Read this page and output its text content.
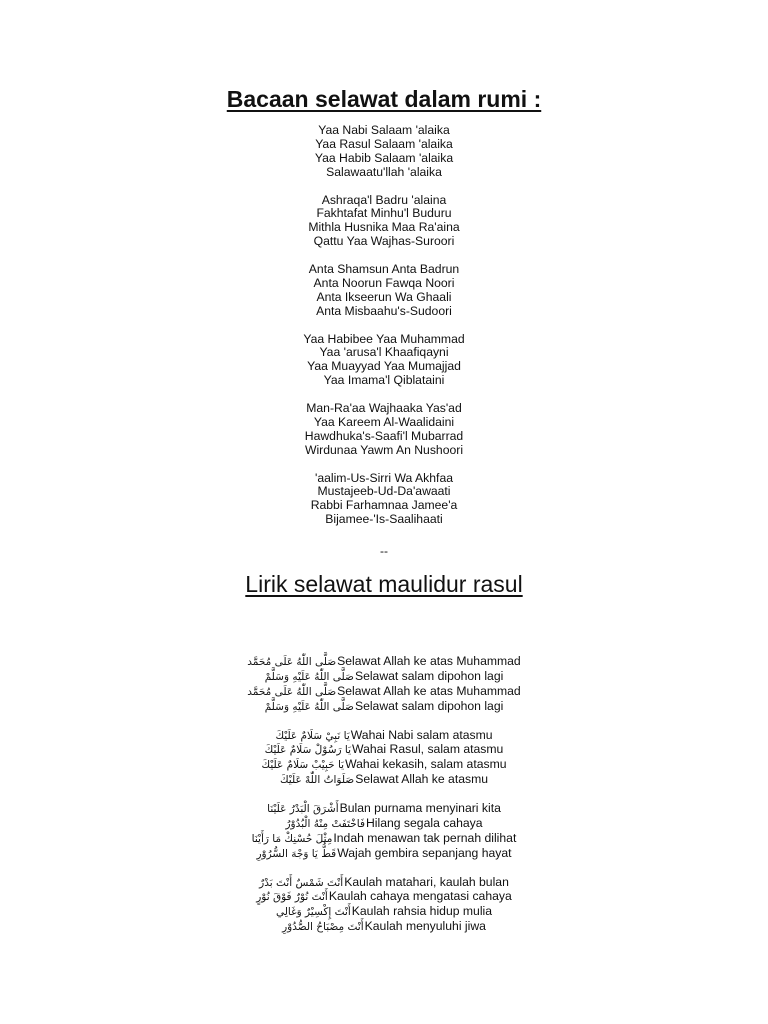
Bacaan selawat dalam rumi :
Yaa Nabi Salaam 'alaika
Yaa Rasul Salaam 'alaika
Yaa Habib Salaam 'alaika
Salawaatu'llah 'alaika
Ashraqa'l Badru 'alaina
Fakhtafat Minhu'l Buduru
Mithla Husnika Maa Ra'aina
Qattu Yaa Wajhas-Suroori
Anta Shamsun Anta Badrun
Anta Noorun Fawqa Noori
Anta Ikseerun Wa Ghaali
Anta Misbaahu's-Sudoori
Yaa Habibee Yaa Muhammad
Yaa 'arusa'l Khaafiqayni
Yaa Muayyad Yaa Mumajjad
Yaa Imama'l Qiblataini
Man-Ra'aa Wajhaaka Yas'ad
Yaa Kareem Al-Waalidaini
Hawdhuka's-Saafi'l Mubarrad
Wirdunaa Yawm An Nushoori
'aalim-Us-Sirri Wa Akhfaa
Mustajeeb-Ud-Da'awaati
Rabbi Farhamnaa Jamee'a
Bijamee-'Is-Saalihaati
--
Lirik selawat maulidur rasul
صَلَّى اللّٰهُ عَلَى مُحَمَّد Selawat Allah ke atas Muhammad
صَلَّى اللّٰهُ عَلَيْهِ وَسَلَّمْ Selawat salam dipohon lagi
صَلَّى اللّٰهُ عَلَى مُحَمَّد Selawat Allah ke atas Muhammad
صَلَّى اللّٰهُ عَلَيْهِ وَسَلَّمْ Selawat salam dipohon lagi
يَا نَبِيْ سَلَامٌ عَلَيْكَ Wahai Nabi salam atasmu
يَا رَسُوْلْ سَلَامٌ عَلَيْكَ Wahai Rasul, salam atasmu
يَا حَبِيْبْ سَلَامٌ عَلَيْكَ Wahai kekasih, salam atasmu
صَلَوَاتُ اللّٰهْ عَلَيْكَ Selawat Allah ke atasmu
أَشْرَقَ الْبَدْرُ عَلَيْنَا Bulan purnama menyinari kita
فَاخْتَفَتْ مِنْهُ الْبُدُوْرُ Hilang segala cahaya
مِثْلَ حُسْنِكْ مَا رَأَيْنَا Indah menawan tak pernah dilihat
قَطُّ يَا وَجْهَ السُّرُوْرِ Wajah gembira sepanjang hayat
أَنْتَ شَمْسٌ أَنْتَ بَدْرٌ Kaulah matahari, kaulah bulan
أَنْتَ نُوْرٌ فَوْقَ نُوْرٍ Kaulah cahaya mengatasi cahaya
أَنْتَ إِكْسِيْرٌ وَغَالِي Kaulah rahsia hidup mulia
أَنْتَ مِصْبَاحُ الصُّدُوْرِ Kaulah menyuluhi jiwa
